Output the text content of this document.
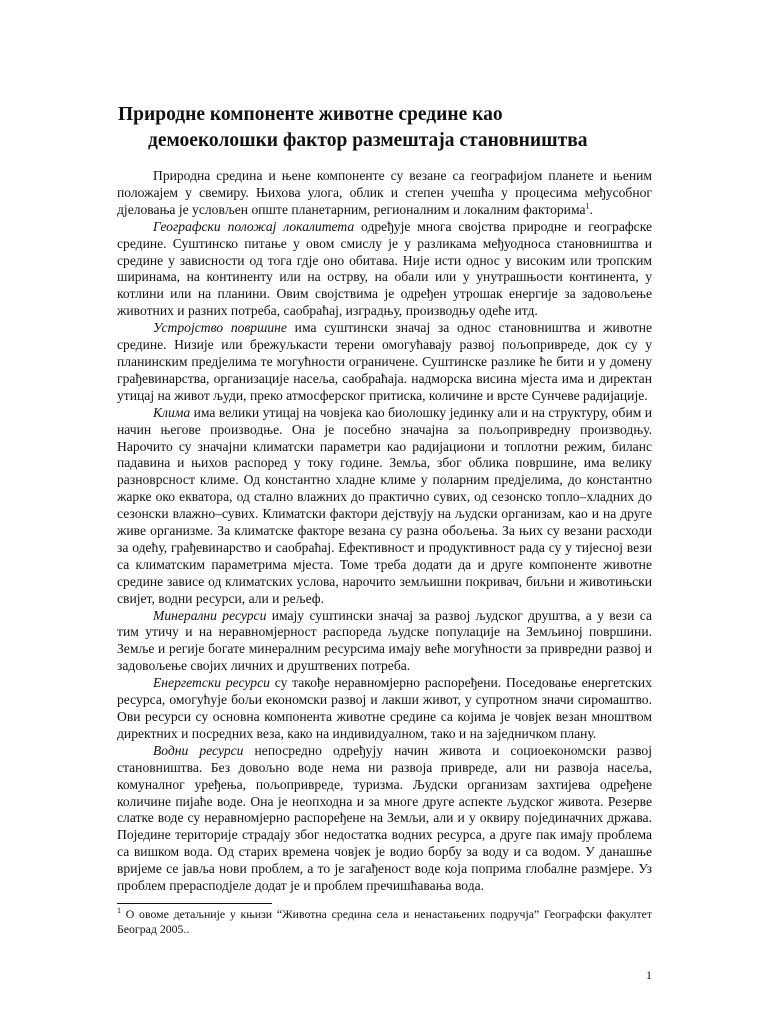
Природне компоненте животне средине као
демоеколошки фактор размештаја становништва

Природна средина и њене компоненте су везане са географијом планете и њеним положајем у свемиру. Њихова улога, облик и степен учешћа у процесима међусобног дјеловања је условљен опште планетарним, регионалним и локалним факторима$^1$.

Географски положај локалитета одређује многа својства природне и географске средине. Суштинско питање у овом смислу је у разликама међуодноса становништва и средине у зависности од тога гдје оно обитава. Није исти однос у високим или тропским ширинама, на континенту или на острву, на обали или у унутрашњости континента, у котлини или на планини. Овим својствима је одређен утрошак енергије за задовољење животних и разних потреба, саобраћај, изградњу, производњу одеће итд.

Устројство површине има суштински значај за однос становништва и животне средине. Низије или брежуљкасти терени омогућавају развој пољопривреде, док су у планинским предјелима те могућности ограничене. Суштинске разлике ће бити и у домену грађевинарства, организације насеља, саобраћаја. надморска висина мјеста има и директан утицај на живот људи, преко атмосферског притиска, количине и врсте Сунчеве радијације.

Клима има велики утицај на човјека као биолошку јединку али и на структуру, обим и начин његове производње. Она је посебно значајна за пољопривредну производњу. Нарочито су значајни климатски параметри као радијациони и топлотни режим, биланс падавина и њихов распоред у току године. Земља, због облика површине, има велику разноврсност климе. Од константно хладне климе у поларним предјелима, до константно жарке око екватора, од стално влажних до практично сувих, од сезонско топло–хладних до сезонски влажно–сувих. Климатски фактори дејствују на људски организам, као и на друге живе организме. За климатске факторе везана су разна обољења. За њих су везани расходи за одећу, грађевинарство и саобраћај. Ефективност и продуктивност рада су у тијесној вези са климатским параметрима мјеста. Томе треба додати да и друге компоненте животне средине зависе од климатских услова, нарочито земљишни покривач, биљни и животињски свијет, водни ресурси, али и рељеф.

Минерални ресурси имају суштински значај за развој људског друштва, а у вези са тим утичу и на неравномјерност распореда људске популације на Земљиној површини. Земље и регије богате минералним ресурсима имају веће могућности за привредни развој и задовољење својих личних и друштвених потреба.

Енергетски ресурси су такође неравномјерно распоређени. Поседовање енергетских ресурса, омогућује бољи економски развој и лакши живот, у супротном значи сиромаштво. Ови ресурси су основна компонента животне средине са којима је човјек везан мноштвом директних и посредних веза, како на индивидуалном, тако и на заједничком плану.

Водни ресурси непосредно одређују начин живота и социоекономски развој становништва. Без довољно воде нема ни развоја привреде, али ни развоја насеља, комуналног уређења, пољопривреде, туризма. Људски организам захтијева одређене количине пијаће воде. Она је неопходна и за многе друге аспекте људског живота. Резерве слатке воде су неравномјерно распоређене на Земљи, али и у оквиру појединачних држава. Поједине територије страдају због недостатка водних ресурса, а друге пак имају проблема са вишком вода. Од старих времена човјек је водио борбу за воду и са водом. У данашње вријеме се јавља нови проблем, а то је загађеност воде која поприма глобалне размјере. Уз проблем прерасподјеле додат је и проблем пречишћавања вода.

$^1$ О овоме детаљније у књизи “Животна средина села и ненастањених подручја” Географски факултет Београд 2005..
1
